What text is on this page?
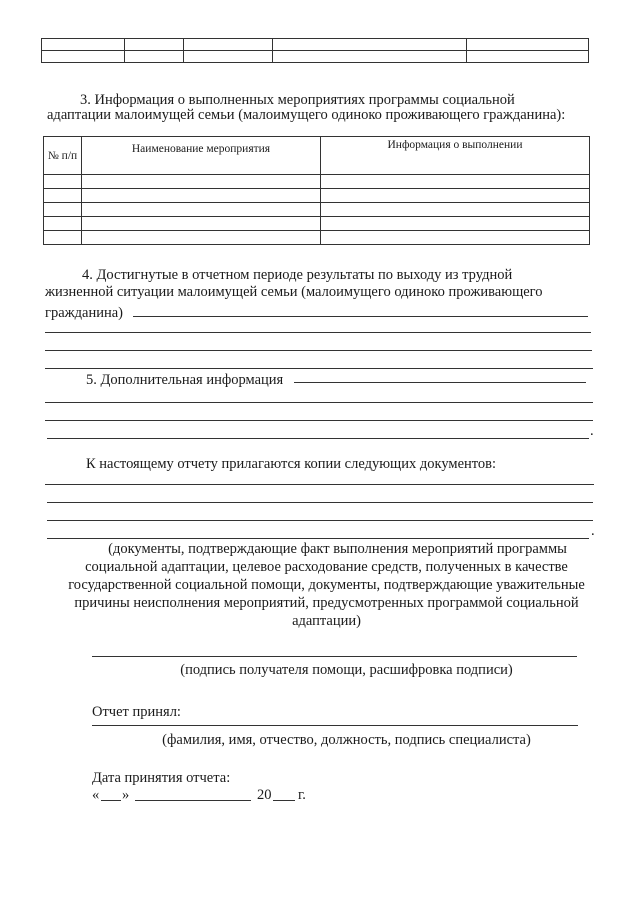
3. Информация о выполненных мероприятиях программы социальной
адаптации малоимущей семьи (малоимущего одиноко проживающего гражданина):
№ п/п	Наименование мероприятия	Информация о выполнении

4. Достигнутые в отчетном периоде результаты по выходу из трудной
жизненной ситуации малоимущей семьи (малоимущего одиноко проживающего
гражданина)
5. Дополнительная информация
.
К настоящему отчету прилагаются копии следующих документов:
.
(документы, подтверждающие факт выполнения мероприятий программы
социальной адаптации, целевое расходование средств, полученных в качестве
государственной социальной помощи, документы, подтверждающие уважительные
причины неисполнения мероприятий, предусмотренных программой социальной
адаптации)
(подпись получателя помощи, расшифровка подписи)
Отчет принял:
(фамилия, имя, отчество, должность, подпись специалиста)
Дата принятия отчета:
« »	20 г.
